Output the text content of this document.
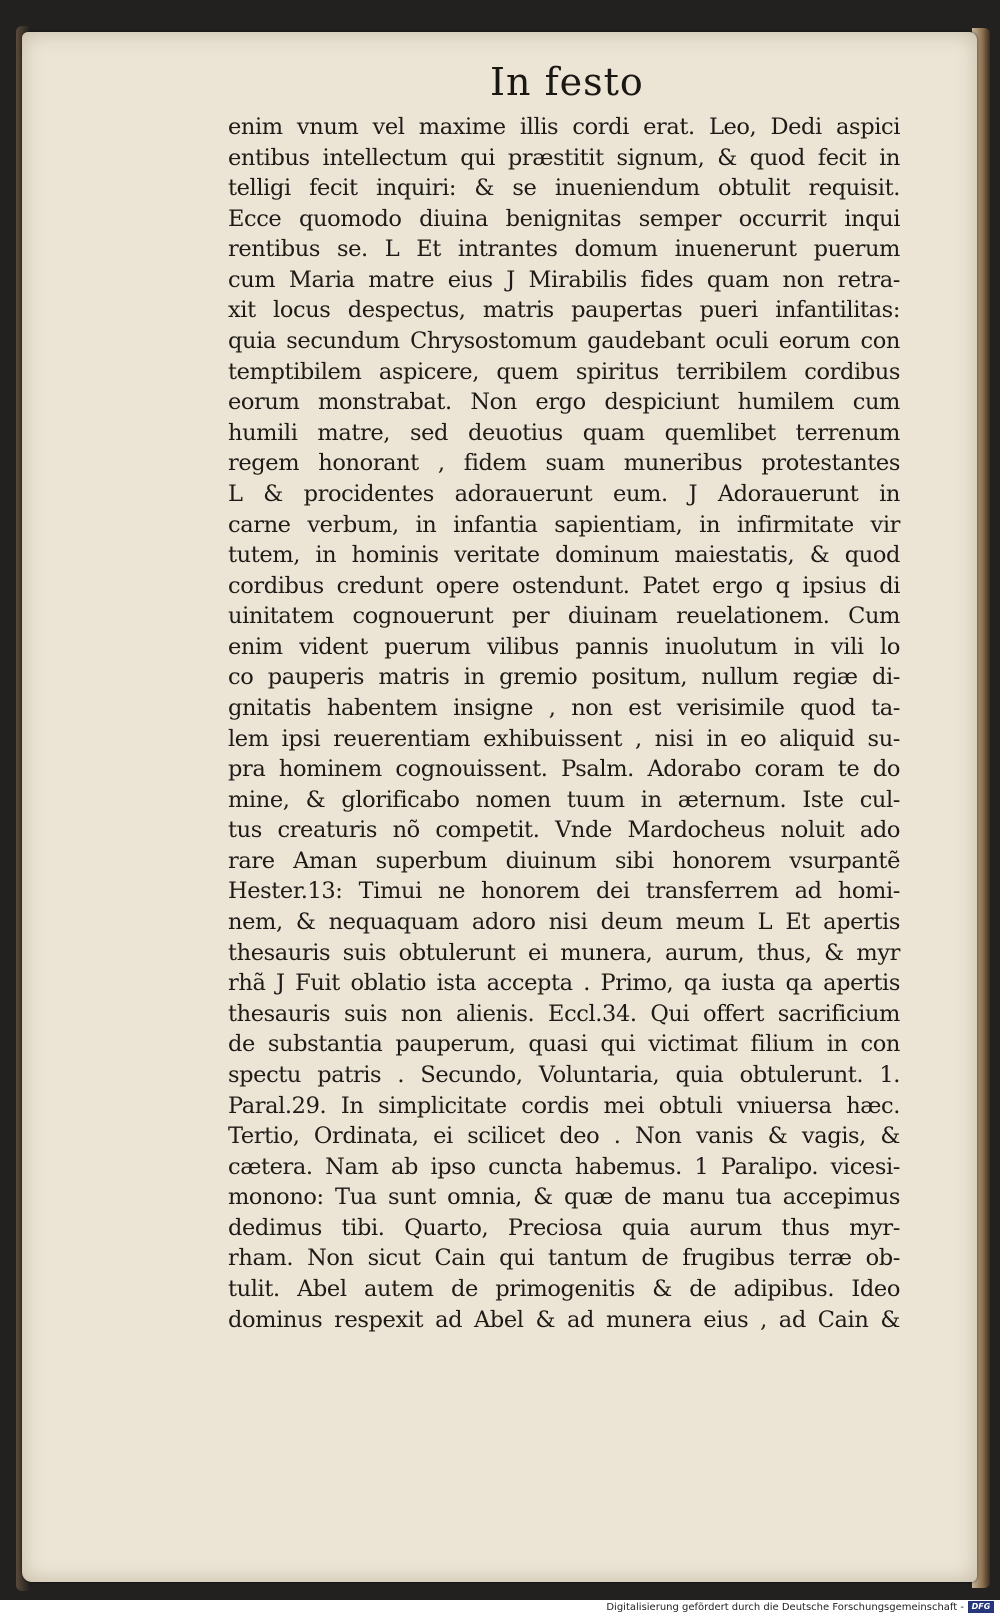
In festo
enim vnum vel maxime illis cordi erat. Leo, Dedi aspici
entibus intellectum qui præstitit signum, & quod fecit in
telligi fecit inquiri: & se inueniendum obtulit requisit.
Ecce quomodo diuina benignitas semper occurrit inqui
rentibus se. L Et intrantes domum inuenerunt puerum
cum Maria matre eius J Mirabilis fides quam non retra-
xit locus despectus, matris paupertas pueri infantilitas:
quia secundum Chrysostomum gaudebant oculi eorum con
temptibilem aspicere, quem spiritus terribilem cordibus
eorum monstrabat. Non ergo despiciunt humilem cum
humili matre, sed deuotius quam quemlibet terrenum
regem honorant , fidem suam muneribus protestantes
L & procidentes adorauerunt eum. J Adorauerunt in
carne verbum, in infantia sapientiam, in infirmitate vir
tutem, in hominis veritate dominum maiestatis, & quod
cordibus credunt opere ostendunt. Patet ergo q ipsius di
uinitatem cognouerunt per diuinam reuelationem. Cum
enim vident puerum vilibus pannis inuolutum in vili lo
co pauperis matris in gremio positum, nullum regiæ di-
gnitatis habentem insigne , non est verisimile quod ta-
lem ipsi reuerentiam exhibuissent , nisi in eo aliquid su-
pra hominem cognouissent. Psalm. Adorabo coram te do
mine, & glorificabo nomen tuum in æternum. Iste cul-
tus creaturis nõ competit. Vnde Mardocheus noluit ado
rare Aman superbum diuinum sibi honorem vsurpantẽ
Hester.13: Timui ne honorem dei transferrem ad homi-
nem, & nequaquam adoro nisi deum meum L Et apertis
thesauris suis obtulerunt ei munera, aurum, thus, & myr
rhã J Fuit oblatio ista accepta . Primo, qa iusta qa apertis
thesauris suis non alienis. Eccl.34. Qui offert sacrificium
de substantia pauperum, quasi qui victimat filium in con
spectu patris . Secundo, Voluntaria, quia obtulerunt. 1.
Paral.29. In simplicitate cordis mei obtuli vniuersa hæc.
Tertio, Ordinata, ei scilicet deo . Non vanis & vagis, &
cætera. Nam ab ipso cuncta habemus. 1 Paralipo. vicesi-
monono: Tua sunt omnia, & quæ de manu tua accepimus
dedimus tibi. Quarto, Preciosa quia aurum thus myr-
rham. Non sicut Cain qui tantum de frugibus terræ ob-
tulit. Abel autem de primogenitis & de adipibus. Ideo
dominus respexit ad Abel & ad munera eius , ad Cain &
Digitalisierung gefördert durch die Deutsche Forschungsgemeinschaft - DFG
